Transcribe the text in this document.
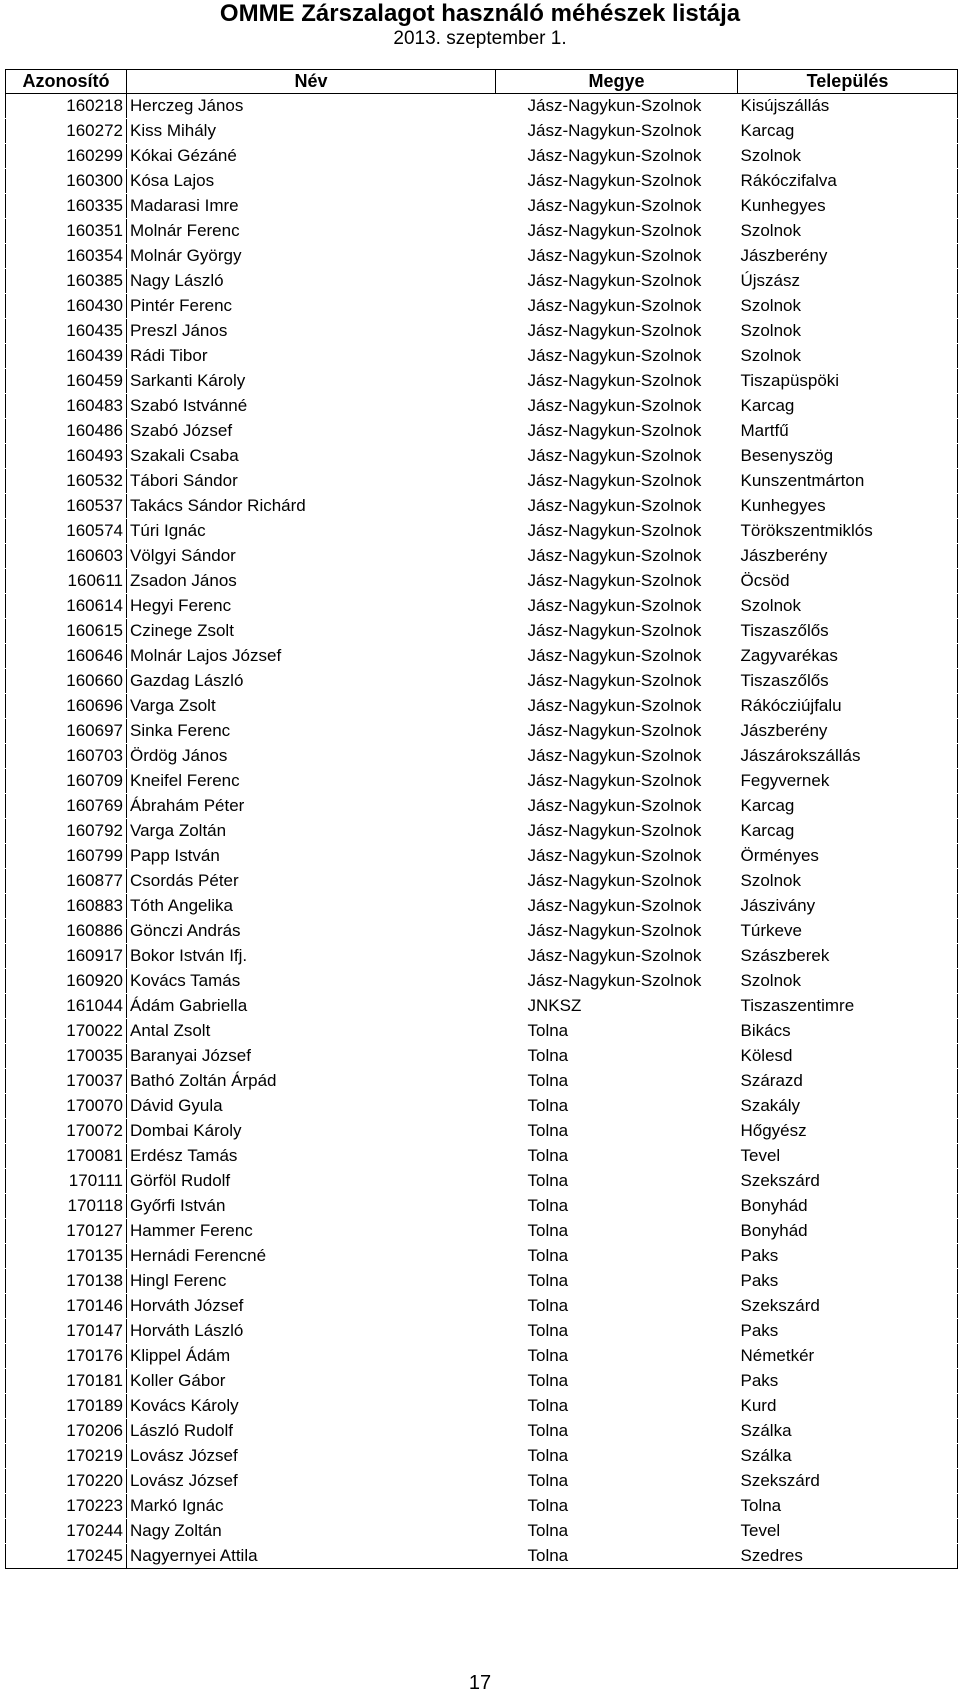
OMME Zárszalagot használó méhészek listája
2013. szeptember 1.
Azonosító	Név	Megye	Település
160218	Herczeg János	Jász-Nagykun-Szolnok	Kisújszállás
160272	Kiss Mihály	Jász-Nagykun-Szolnok	Karcag
160299	Kókai Gézáné	Jász-Nagykun-Szolnok	Szolnok
160300	Kósa Lajos	Jász-Nagykun-Szolnok	Rákóczifalva
160335	Madarasi Imre	Jász-Nagykun-Szolnok	Kunhegyes
160351	Molnár Ferenc	Jász-Nagykun-Szolnok	Szolnok
160354	Molnár György	Jász-Nagykun-Szolnok	Jászberény
160385	Nagy László	Jász-Nagykun-Szolnok	Újszász
160430	Pintér Ferenc	Jász-Nagykun-Szolnok	Szolnok
160435	Preszl János	Jász-Nagykun-Szolnok	Szolnok
160439	Rádi Tibor	Jász-Nagykun-Szolnok	Szolnok
160459	Sarkanti Károly	Jász-Nagykun-Szolnok	Tiszapüspöki
160483	Szabó Istvánné	Jász-Nagykun-Szolnok	Karcag
160486	Szabó József	Jász-Nagykun-Szolnok	Martfű
160493	Szakali Csaba	Jász-Nagykun-Szolnok	Besenyszög
160532	Tábori Sándor	Jász-Nagykun-Szolnok	Kunszentmárton
160537	Takács Sándor Richárd	Jász-Nagykun-Szolnok	Kunhegyes
160574	Túri Ignác	Jász-Nagykun-Szolnok	Törökszentmiklós
160603	Völgyi Sándor	Jász-Nagykun-Szolnok	Jászberény
160611	Zsadon János	Jász-Nagykun-Szolnok	Öcsöd
160614	Hegyi Ferenc	Jász-Nagykun-Szolnok	Szolnok
160615	Czinege Zsolt	Jász-Nagykun-Szolnok	Tiszaszőlős
160646	Molnár Lajos József	Jász-Nagykun-Szolnok	Zagyvarékas
160660	Gazdag László	Jász-Nagykun-Szolnok	Tiszaszőlős
160696	Varga Zsolt	Jász-Nagykun-Szolnok	Rákócziújfalu
160697	Sinka Ferenc	Jász-Nagykun-Szolnok	Jászberény
160703	Ördög János	Jász-Nagykun-Szolnok	Jászárokszállás
160709	Kneifel Ferenc	Jász-Nagykun-Szolnok	Fegyvernek
160769	Ábrahám Péter	Jász-Nagykun-Szolnok	Karcag
160792	Varga Zoltán	Jász-Nagykun-Szolnok	Karcag
160799	Papp István	Jász-Nagykun-Szolnok	Örményes
160877	Csordás Péter	Jász-Nagykun-Szolnok	Szolnok
160883	Tóth Angelika	Jász-Nagykun-Szolnok	Jászivány
160886	Gönczi András	Jász-Nagykun-Szolnok	Túrkeve
160917	Bokor István Ifj.	Jász-Nagykun-Szolnok	Szászberek
160920	Kovács Tamás	Jász-Nagykun-Szolnok	Szolnok
161044	Ádám Gabriella	JNKSZ	Tiszaszentimre
170022	Antal Zsolt	Tolna	Bikács
170035	Baranyai József	Tolna	Kölesd
170037	Bathó Zoltán Árpád	Tolna	Szárazd
170070	Dávid Gyula	Tolna	Szakály
170072	Dombai Károly	Tolna	Hőgyész
170081	Erdész Tamás	Tolna	Tevel
170111	Görföl Rudolf	Tolna	Szekszárd
170118	Győrfi István	Tolna	Bonyhád
170127	Hammer Ferenc	Tolna	Bonyhád
170135	Hernádi Ferencné	Tolna	Paks
170138	Hingl Ferenc	Tolna	Paks
170146	Horváth József	Tolna	Szekszárd
170147	Horváth László	Tolna	Paks
170176	Klippel Ádám	Tolna	Németkér
170181	Koller Gábor	Tolna	Paks
170189	Kovács Károly	Tolna	Kurd
170206	László Rudolf	Tolna	Szálka
170219	Lovász József	Tolna	Szálka
170220	Lovász József	Tolna	Szekszárd
170223	Markó Ignác	Tolna	Tolna
170244	Nagy Zoltán	Tolna	Tevel
170245	Nagyernyei Attila	Tolna	Szedres
17
